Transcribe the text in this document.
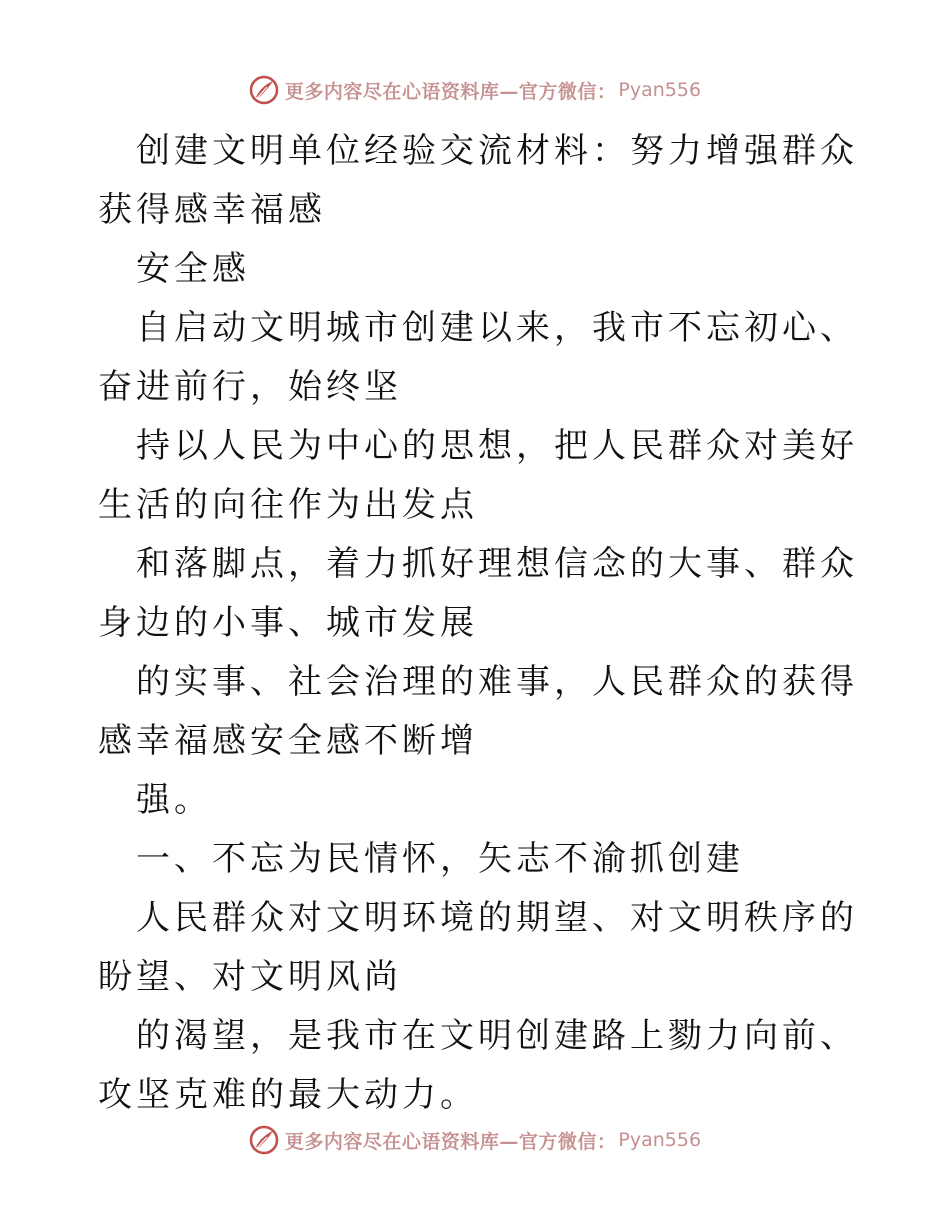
更多内容尽在心语资料库—官方微信： Pyan556

创建文明单位经验交流材料：努力增强群众获得感幸福感

安全感

自启动文明城市创建以来，我市不忘初心、奋进前行，始终坚

持以人民为中心的思想，把人民群众对美好生活的向往作为出发点

和落脚点，着力抓好理想信念的大事、群众身边的小事、城市发展

的实事、社会治理的难事，人民群众的获得感幸福感安全感不断增

强。

一、不忘为民情怀，矢志不渝抓创建

人民群众对文明环境的期望、对文明秩序的盼望、对文明风尚

的渴望，是我市在文明创建路上勠力向前、攻坚克难的最大动力。

更多内容尽在心语资料库—官方微信： Pyan556
